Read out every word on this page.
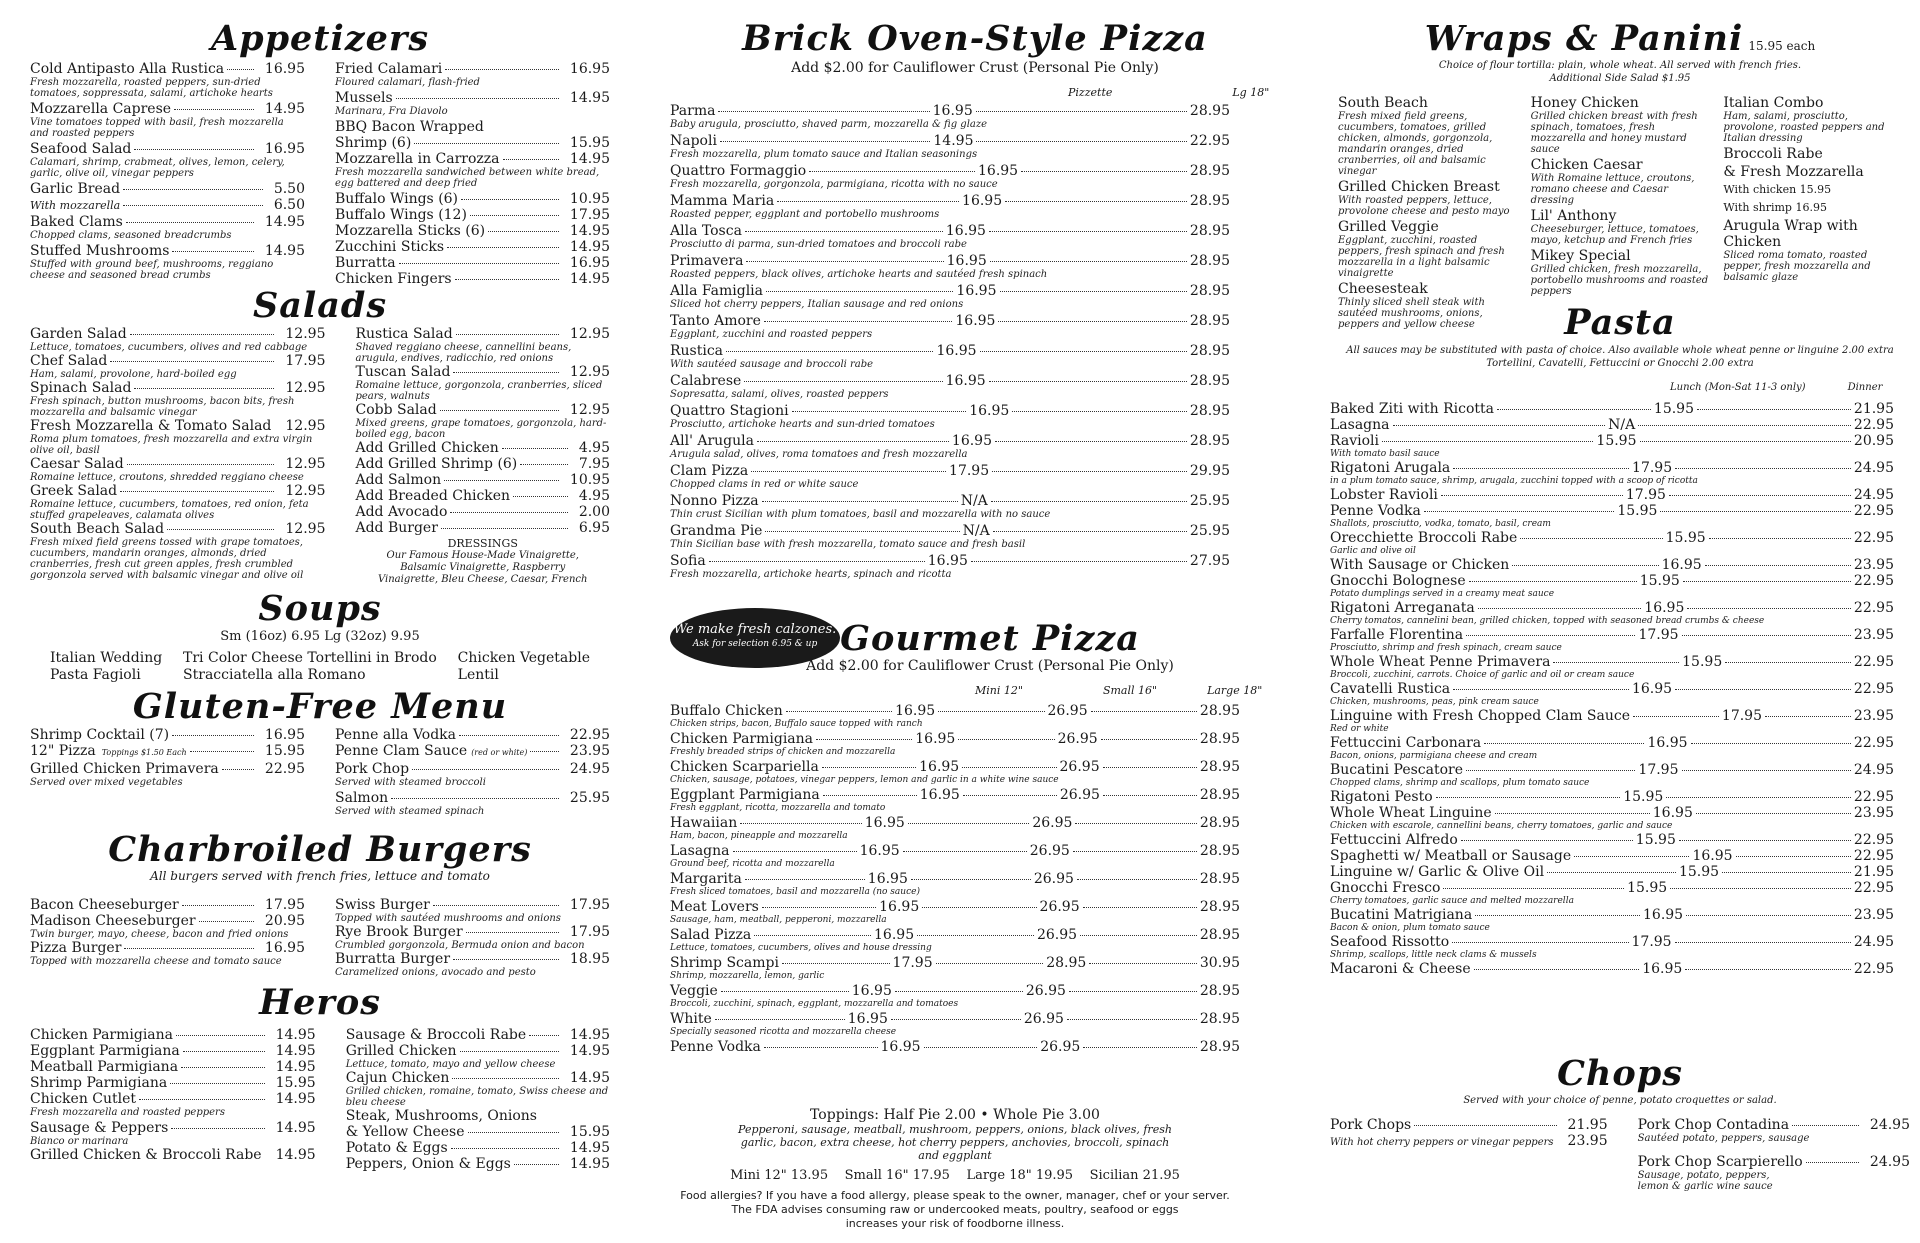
Appetizers
Cold Antipasto Alla Rustica	16.95
Fresh mozzarella, roasted peppers, sun-dried tomatoes, soppressata, salami, artichoke hearts
Mozzarella Caprese	14.95
Vine tomatoes topped with basil, fresh mozzarella and roasted peppers
Seafood Salad	16.95
Calamari, shrimp, crabmeat, olives, lemon, celery, garlic, olive oil, vinegar peppers
Garlic Bread	5.50
With mozzarella	6.50
Baked Clams	14.95
Chopped clams, seasoned breadcrumbs
Stuffed Mushrooms	14.95
Stuffed with ground beef, mushrooms, reggiano cheese and seasoned bread crumbs
Fried Calamari	16.95
Floured calamari, flash-fried
Mussels	14.95
Marinara, Fra Diavolo
BBQ Bacon Wrapped
Shrimp (6)	15.95
Mozzarella in Carrozza	14.95
Fresh mozzarella sandwiched between white bread, egg battered and deep fried
Buffalo Wings (6)	10.95
Buffalo Wings (12)	17.95
Mozzarella Sticks (6)	14.95
Zucchini Sticks	14.95
Burratta	16.95
Chicken Fingers	14.95
Salads
Garden Salad	12.95
Lettuce, tomatoes, cucumbers, olives and red cabbage
Chef Salad	17.95
Ham, salami, provolone, hard-boiled egg
Spinach Salad	12.95
Fresh spinach, button mushrooms, bacon bits, fresh mozzarella and balsamic vinegar
Fresh Mozzarella & Tomato Salad 12.95
Roma plum tomatoes, fresh mozzarella and extra virgin olive oil, basil
Caesar Salad	12.95
Romaine lettuce, croutons, shredded reggiano cheese
Greek Salad	12.95
Romaine lettuce, cucumbers, tomatoes, red onion, feta stuffed grapeleaves, calamata olives
South Beach Salad	12.95
Fresh mixed field greens tossed with grape tomatoes, cucumbers, mandarin oranges, almonds, dried cranberries, fresh cut green apples, fresh crumbled gorgonzola served with balsamic vinegar and olive oil
Rustica Salad	12.95
Shaved reggiano cheese, cannellini beans, arugula, endives, radicchio, red onions
Tuscan Salad	12.95
Romaine lettuce, gorgonzola, cranberries, sliced pears, walnuts
Cobb Salad	12.95
Mixed greens, grape tomatoes, gorgonzola, hard-boiled egg, bacon
Add Grilled Chicken	4.95
Add Grilled Shrimp (6)	7.95
Add Salmon	10.95
Add Breaded Chicken	4.95
Add Avocado	2.00
Add Burger	6.95
DRESSINGS
Our Famous House-Made Vinaigrette, Balsamic Vinaigrette, Raspberry Vinaigrette, Bleu Cheese, Caesar, French
Soups
Sm (16oz) 6.95 Lg (32oz) 9.95
Italian Wedding
Pasta Fagioli
Tri Color Cheese Tortellini in Brodo
Stracciatella alla Romano
Chicken Vegetable
Lentil
Gluten-Free Menu
Shrimp Cocktail (7)	16.95
12" Pizza Toppings $1.50 Each	15.95
Grilled Chicken Primavera	22.95
Served over mixed vegetables
Penne alla Vodka	22.95
Penne Clam Sauce (red or white)	23.95
Pork Chop	24.95
Served with steamed broccoli
Salmon	25.95
Served with steamed spinach
Charbroiled Burgers
All burgers served with french fries, lettuce and tomato
Bacon Cheeseburger	17.95
Madison Cheeseburger	20.95
Twin burger, mayo, cheese, bacon and fried onions
Pizza Burger	16.95
Topped with mozzarella cheese and tomato sauce
Swiss Burger	17.95
Topped with sautéed mushrooms and onions
Rye Brook Burger	17.95
Crumbled gorgonzola, Bermuda onion and bacon
Burratta Burger	18.95
Caramelized onions, avocado and pesto
Heros
Chicken Parmigiana	14.95
Eggplant Parmigiana	14.95
Meatball Parmigiana	14.95
Shrimp Parmigiana	15.95
Chicken Cutlet	14.95
Fresh mozzarella and roasted peppers
Sausage & Peppers	14.95
Bianco or marinara
Grilled Chicken & Broccoli Rabe 14.95
Sausage & Broccoli Rabe	14.95
Grilled Chicken	14.95
Lettuce, tomato, mayo and yellow cheese
Cajun Chicken	14.95
Grilled chicken, romaine, tomato, Swiss cheese and bleu cheese
Steak, Mushrooms, Onions
& Yellow Cheese	15.95
Potato & Eggs	14.95
Peppers, Onion & Eggs	14.95
Brick Oven-Style Pizza
Add $2.00 for Cauliflower Crust (Personal Pie Only)
Pizzette	Lg 18"
Parma	16.95	28.95
Baby arugula, prosciutto, shaved parm, mozzarella & fig glaze
Napoli	14.95	22.95
Fresh mozzarella, plum tomato sauce and Italian seasonings
Quattro Formaggio	16.95	28.95
Fresh mozzarella, gorgonzola, parmigiana, ricotta with no sauce
Mamma Maria	16.95	28.95
Roasted pepper, eggplant and portobello mushrooms
Alla Tosca	16.95	28.95
Prosciutto di parma, sun-dried tomatoes and broccoli rabe
Primavera	16.95	28.95
Roasted peppers, black olives, artichoke hearts and sautéed fresh spinach
Alla Famiglia	16.95	28.95
Sliced hot cherry peppers, Italian sausage and red onions
Tanto Amore	16.95	28.95
Eggplant, zucchini and roasted peppers
Rustica	16.95	28.95
With sautéed sausage and broccoli rabe
Calabrese	16.95	28.95
Sopresatta, salami, olives, roasted peppers
Quattro Stagioni	16.95	28.95
Prosciutto, artichoke hearts and sun-dried tomatoes
All' Arugula	16.95	28.95
Arugula salad, olives, roma tomatoes and fresh mozzarella
Clam Pizza	17.95	29.95
Chopped clams in red or white sauce
Nonno Pizza	N/A	25.95
Thin crust Sicilian with plum tomatoes, basil and mozzarella with no sauce
Grandma Pie	N/A	25.95
Thin Sicilian base with fresh mozzarella, tomato sauce and fresh basil
Sofia	16.95	27.95
Fresh mozzarella, artichoke hearts, spinach and ricotta
We make fresh calzones.
Ask for selection 6.95 & up Gourmet Pizza
Add $2.00 for Cauliflower Crust (Personal Pie Only)
Mini 12"	Small 16"	Large 18"
Buffalo Chicken	16.95	26.95	28.95
Chicken strips, bacon, Buffalo sauce topped with ranch
Chicken Parmigiana	16.95	26.95	28.95
Freshly breaded strips of chicken and mozzarella
Chicken Scarpariella	16.95	26.95	28.95
Chicken, sausage, potatoes, vinegar peppers, lemon and garlic in a white wine sauce
Eggplant Parmigiana	16.95	26.95	28.95
Fresh eggplant, ricotta, mozzarella and tomato
Hawaiian	16.95	26.95	28.95
Ham, bacon, pineapple and mozzarella
Lasagna	16.95	26.95	28.95
Ground beef, ricotta and mozzarella
Margarita	16.95	26.95	28.95
Fresh sliced tomatoes, basil and mozzarella (no sauce)
Meat Lovers	16.95	26.95	28.95
Sausage, ham, meatball, pepperoni, mozzarella
Salad Pizza	16.95	26.95	28.95
Lettuce, tomatoes, cucumbers, olives and house dressing
Shrimp Scampi	17.95	28.95	30.95
Shrimp, mozzarella, lemon, garlic
Veggie	16.95	26.95	28.95
Broccoli, zucchini, spinach, eggplant, mozzarella and tomatoes
White	16.95	26.95	28.95
Specially seasoned ricotta and mozzarella cheese
Penne Vodka	16.95	26.95	28.95
Toppings: Half Pie 2.00 • Whole Pie 3.00
Pepperoni, sausage, meatball, mushroom, peppers, onions, black olives, fresh garlic, bacon, extra cheese, hot cherry peppers, anchovies, broccoli, spinach and eggplant
Mini 12" 13.95    Small 16" 17.95    Large 18" 19.95    Sicilian 21.95
Food allergies? If you have a food allergy, please speak to the owner, manager, chef or your server.
The FDA advises consuming raw or undercooked meats, poultry, seafood or eggs
increases your risk of foodborne illness.
Wraps & Panini 15.95 each
Choice of flour tortilla: plain, whole wheat. All served with french fries.
Additional Side Salad $1.95
South Beach
Fresh mixed field greens, cucumbers, tomatoes, grilled chicken, almonds, gorgonzola, mandarin oranges, dried cranberries, oil and balsamic vinegar
Grilled Chicken Breast
With roasted peppers, lettuce, provolone cheese and pesto mayo
Grilled Veggie
Eggplant, zucchini, roasted peppers, fresh spinach and fresh mozzarella in a light balsamic vinaigrette
Cheesesteak
Thinly sliced shell steak with sautéed mushrooms, onions, peppers and yellow cheese
Honey Chicken
Grilled chicken breast with fresh spinach, tomatoes, fresh mozzarella and honey mustard sauce
Chicken Caesar
With Romaine lettuce, croutons, romano cheese and Caesar dressing
Lil' Anthony
Cheeseburger, lettuce, tomatoes, mayo, ketchup and French fries
Mikey Special
Grilled chicken, fresh mozzarella, portobello mushrooms and roasted peppers
Italian Combo
Ham, salami, prosciutto, provolone, roasted peppers and Italian dressing
Broccoli Rabe
& Fresh Mozzarella
With chicken 15.95
With shrimp 16.95
Arugula Wrap with Chicken
Sliced roma tomato, roasted pepper, fresh mozzarella and balsamic glaze
Pasta
All sauces may be substituted with pasta of choice. Also available whole wheat penne or linguine 2.00 extra
Tortellini, Cavatelli, Fettuccini or Gnocchi 2.00 extra
Lunch (Mon-Sat 11-3 only)	Dinner
Baked Ziti with Ricotta	15.95	21.95
Lasagna	N/A	22.95
Ravioli	15.95	20.95
With tomato basil sauce
Rigatoni Arugala	17.95	24.95
in a plum tomato sauce, shrimp, arugala, zucchini topped with a scoop of ricotta
Lobster Ravioli	17.95	24.95
Penne Vodka	15.95	22.95
Shallots, prosciutto, vodka, tomato, basil, cream
Orecchiette Broccoli Rabe	15.95	22.95
Garlic and olive oil
With Sausage or Chicken	16.95	23.95
Gnocchi Bolognese	15.95	22.95
Potato dumplings served in a creamy meat sauce
Rigatoni Arreganata	16.95	22.95
Cherry tomatos, cannelini bean, grilled chicken, topped with seasoned bread crumbs & cheese
Farfalle Florentina	17.95	23.95
Prosciutto, shrimp and fresh spinach, cream sauce
Whole Wheat Penne Primavera	15.95	22.95
Broccoli, zucchini, carrots. Choice of garlic and oil or cream sauce
Cavatelli Rustica	16.95	22.95
Chicken, mushrooms, peas, pink cream sauce
Linguine with Fresh Chopped Clam Sauce	17.95	23.95
Red or white
Fettuccini Carbonara	16.95	22.95
Bacon, onions, parmigiana cheese and cream
Bucatini Pescatore	17.95	24.95
Chopped clams, shrimp and scallops, plum tomato sauce
Rigatoni Pesto	15.95	22.95
Whole Wheat Linguine	16.95	23.95
Chicken with escarole, cannellini beans, cherry tomatoes, garlic and sauce
Fettuccini Alfredo	15.95	22.95
Spaghetti w/ Meatball or Sausage	16.95	22.95
Linguine w/ Garlic & Olive Oil	15.95	21.95
Gnocchi Fresco	15.95	22.95
Cherry tomatoes, garlic sauce and melted mozzarella
Bucatini Matrigiana	16.95	23.95
Bacon & onion, plum tomato sauce
Seafood Rissotto	17.95	24.95
Shrimp, scallops, little neck clams & mussels
Macaroni & Cheese	16.95	22.95
Chops
Served with your choice of penne, potato croquettes or salad.
Pork Chops	21.95
With hot cherry peppers or vinegar peppers 23.95
Pork Chop Contadina	24.95
Sautéed potato, peppers, sausage
Pork Chop Scarpierello	24.95
Sausage, potato, peppers, lemon & garlic wine sauce
